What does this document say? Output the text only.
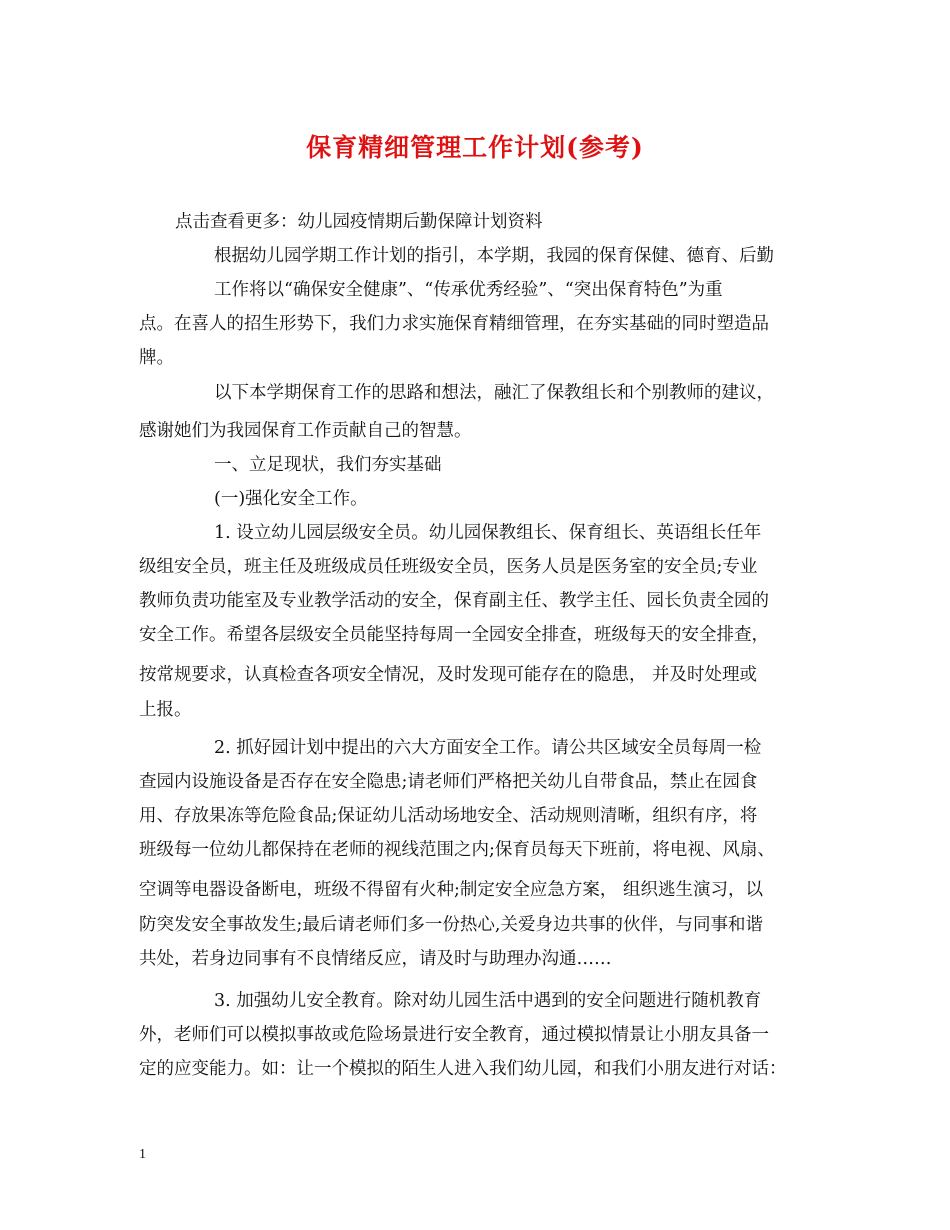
保育精细管理工作计划(参考)
点击查看更多：幼儿园疫情期后勤保障计划资料
根据幼儿园学期工作计划的指引，本学期，我园的保育保健、德育、后勤
工作将以“确保安全健康”、“传承优秀经验”、“突出保育特色”为重
点。在喜人的招生形势下，我们力求实施保育精细管理，在夯实基础的同时塑造品
牌。
以下本学期保育工作的思路和想法，融汇了保教组长和个别教师的建议，
感谢她们为我园保育工作贡献自己的智慧。
一、立足现状，我们夯实基础
(一)强化安全工作。
1. 设立幼儿园层级安全员。幼儿园保教组长、保育组长、英语组长任年
级组安全员，班主任及班级成员任班级安全员，医务人员是医务室的安全员;专业
教师负责功能室及专业教学活动的安全，保育副主任、教学主任、园长负责全园的
安全工作。希望各层级安全员能坚持每周一全园安全排查，班级每天的安全排查，
按常规要求，认真检查各项安全情况，及时发现可能存在的隐患， 并及时处理或
上报。
2. 抓好园计划中提出的六大方面安全工作。请公共区域安全员每周一检
查园内设施设备是否存在安全隐患;请老师们严格把关幼儿自带食品，禁止在园食
用、存放果冻等危险食品;保证幼儿活动场地安全、活动规则清晰，组织有序，将
班级每一位幼儿都保持在老师的视线范围之内;保育员每天下班前，将电视、风扇、
空调等电器设备断电，班级不得留有火种;制定安全应急方案， 组织逃生演习，以
防突发安全事故发生;最后请老师们多一份热心,关爱身边共事的伙伴，与同事和谐
共处，若身边同事有不良情绪反应，请及时与助理办沟通……
3. 加强幼儿安全教育。除对幼儿园生活中遇到的安全问题进行随机教育
外，老师们可以模拟事故或危险场景进行安全教育，通过模拟情景让小朋友具备一
定的应变能力。如：让一个模拟的陌生人进入我们幼儿园，和我们小朋友进行对话：
1
